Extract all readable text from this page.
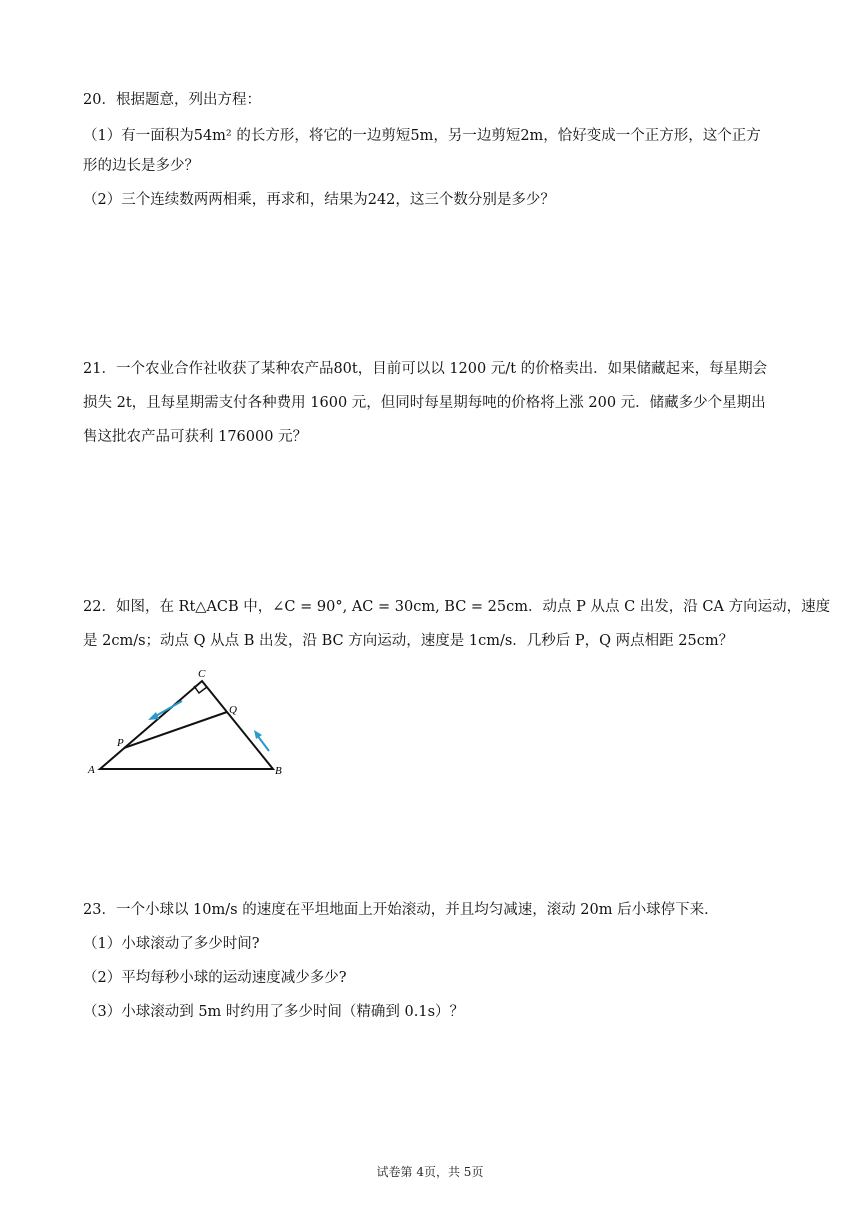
20．根据题意，列出方程：
（1）有一面积为54m² 的长方形，将它的一边剪短5m，另一边剪短2m，恰好变成一个正方形，这个正方
形的边长是多少？
（2）三个连续数两两相乘，再求和，结果为242，这三个数分别是多少？
21．一个农业合作社收获了某种农产品80t，目前可以以 1200 元/t 的价格卖出．如果储藏起来，每星期会
损失 2t，且每星期需支付各种费用 1600 元，但同时每星期每吨的价格将上涨 200 元．储藏多少个星期出
售这批农产品可获利 176000 元？
22．如图，在 Rt△ACB 中，∠C = 90°, AC = 30cm, BC = 25cm．动点 P 从点 C 出发，沿 CA 方向运动，速度
是 2cm/s；动点 Q 从点 B 出发，沿 BC 方向运动，速度是 1cm/s．几秒后 P，Q 两点相距 25cm？
C
Q
P
A	B
23．一个小球以 10m/s 的速度在平坦地面上开始滚动，并且均匀减速，滚动 20m 后小球停下来．
（1）小球滚动了多少时间?
（2）平均每秒小球的运动速度减少多少?
（3）小球滚动到 5m 时约用了多少时间（精确到 0.1s）？
试卷第 4页，共 5页
